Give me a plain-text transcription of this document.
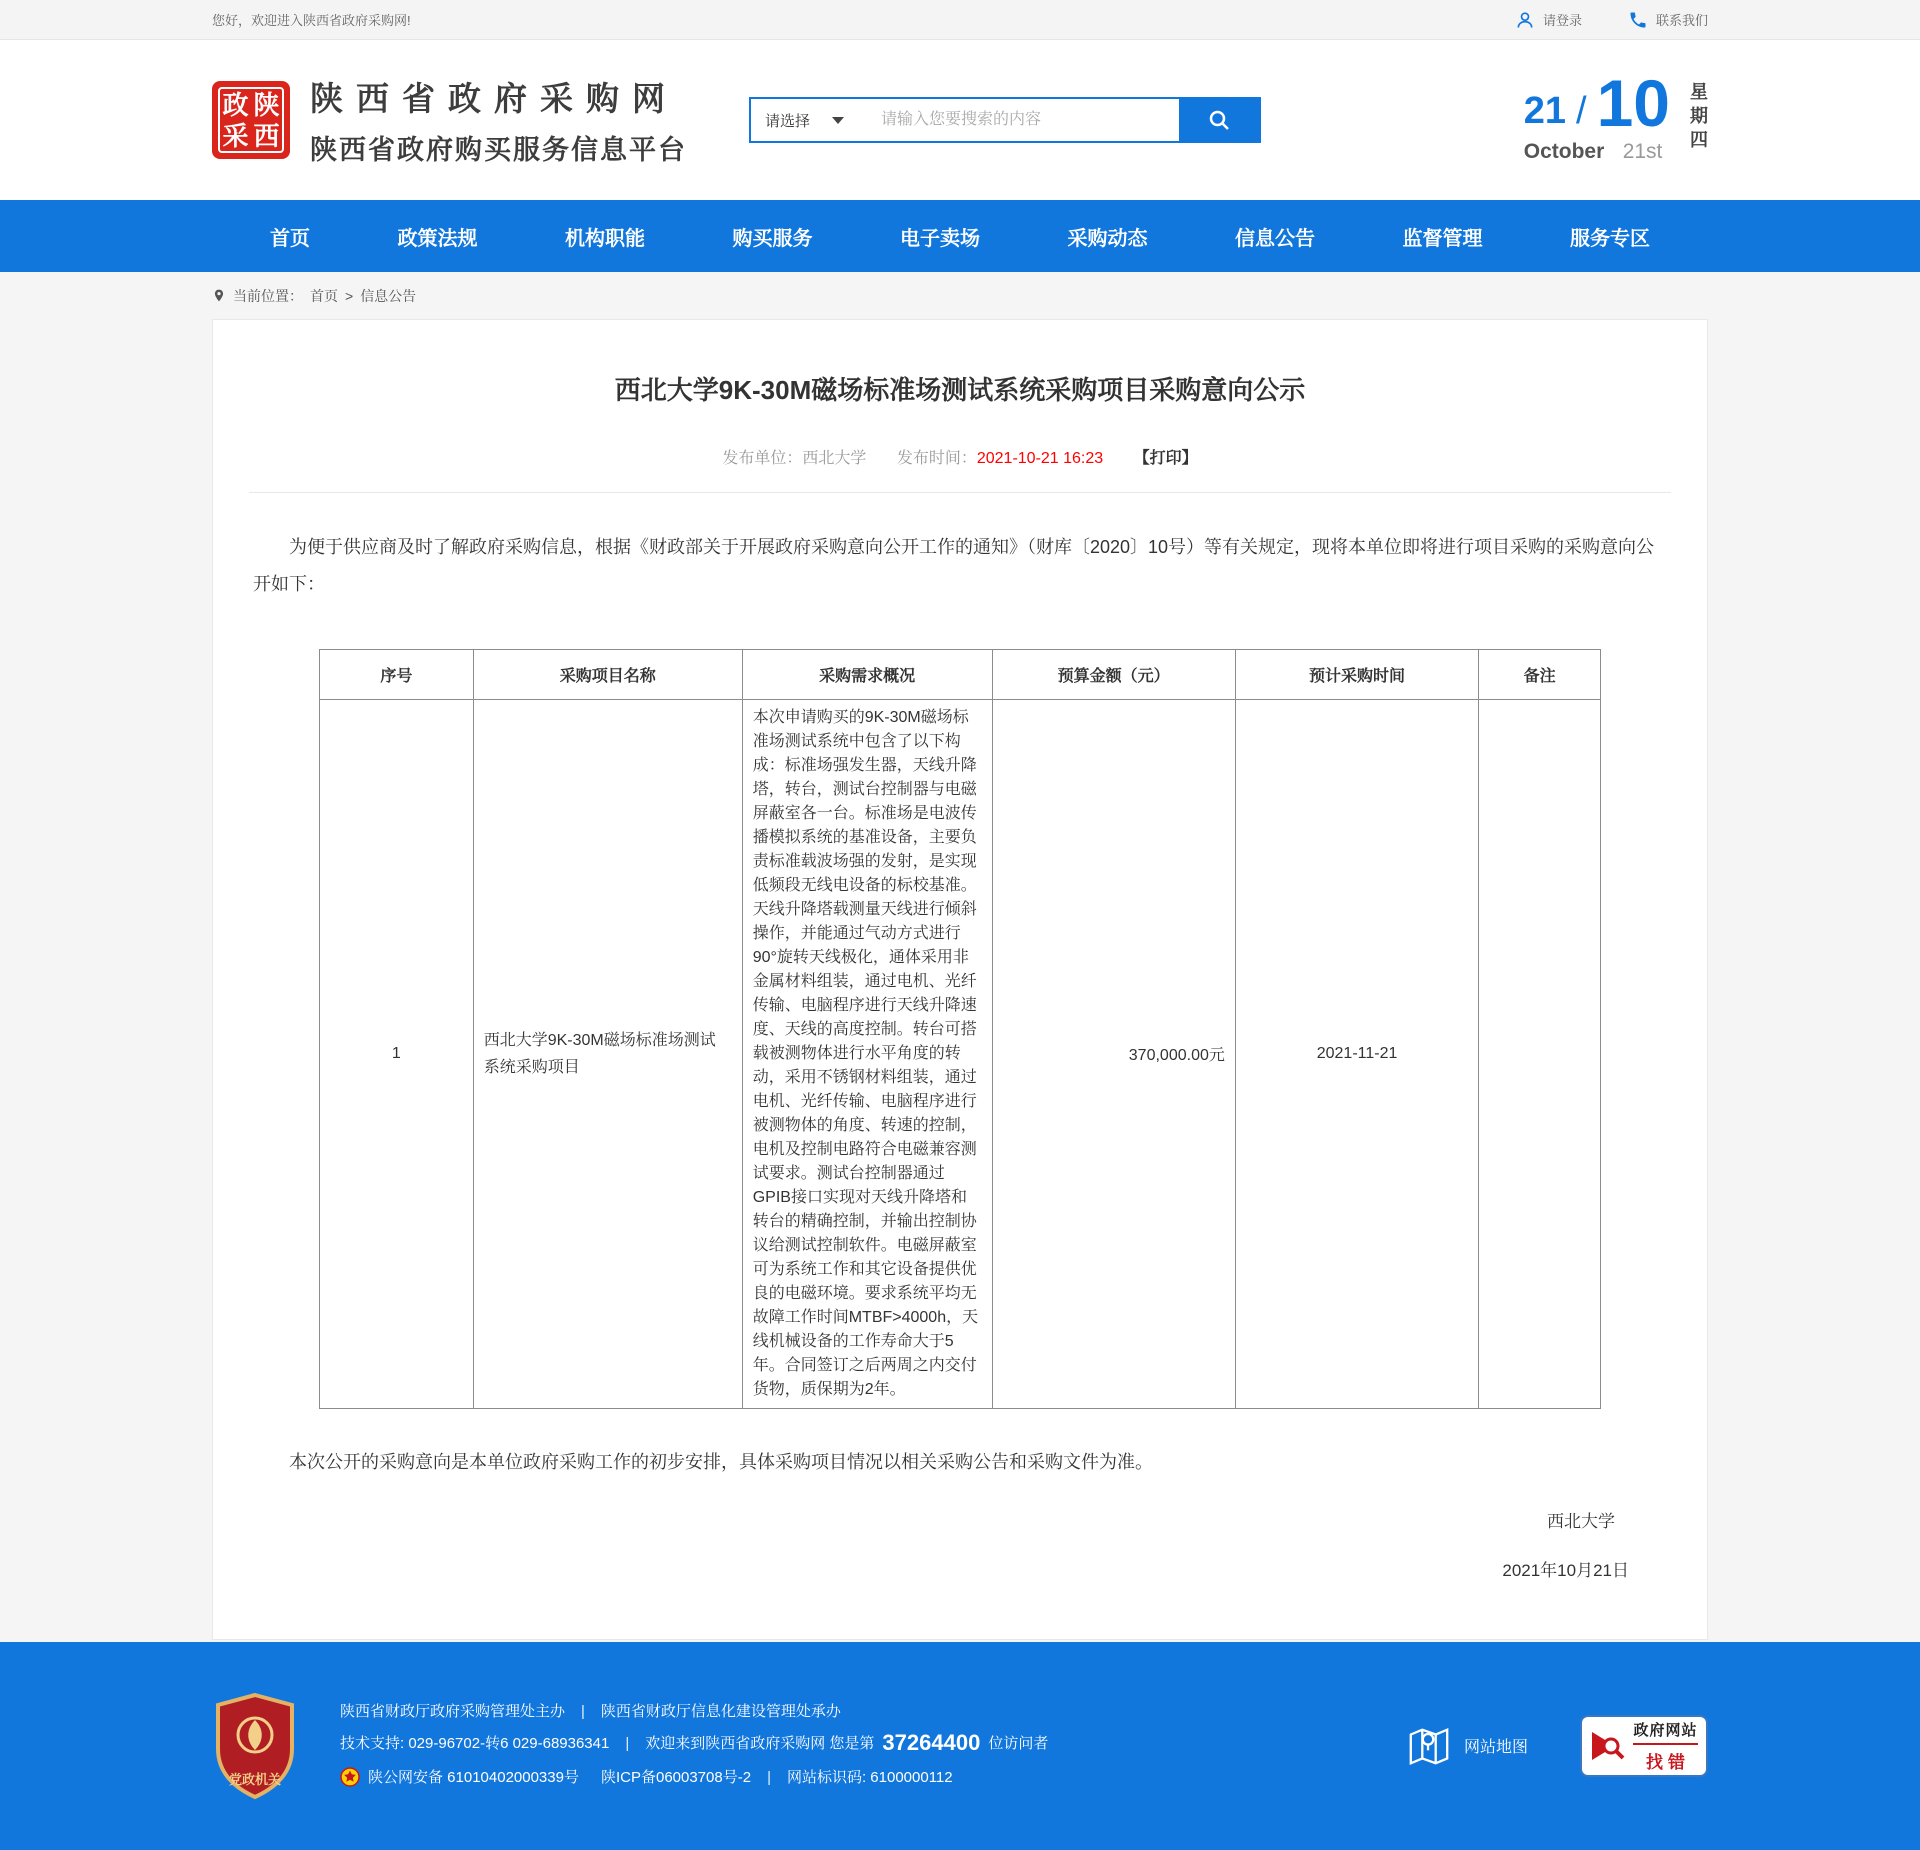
您好，欢迎进入陕西省政府采购网!	请登录	联系我们
政 陕
采 西
陕西省政府采购网
陕西省政府购买服务信息平台
请选择
请输入您要搜索的内容	21 / 10
October 21st
星
期
四
首页	政策法规	机构职能	购买服务	电子卖场	采购动态	信息公告	监督管理	服务专区
当前位置： 首页 > 信息公告
西北大学9K-30M磁场标准场测试系统采购项目采购意向公示
发布单位：西北大学 发布时间：2021-10-21 16:23 【打印】

为便于供应商及时了解政府采购信息，根据《财政部关于开展政府采购意向公开工作的通知》（财库〔2020〕10号）等有关规定，现将本单位即将进行项目采购的采购意向公开如下：

序号	采购项目名称	采购需求概况	预算金额（元）	预计采购时间	备注
1	西北大学9K-30M磁场标准场测试系统采购项目	本次申请购买的9K-30M磁场标准场测试系统中包含了以下构成：标准场强发生器，天线升降塔，转台，测试台控制器与电磁屏蔽室各一台。标准场是电波传播模拟系统的基准设备，主要负责标准载波场强的发射，是实现低频段无线电设备的标校基准。天线升降塔载测量天线进行倾斜操作，并能通过气动方式进行90°旋转天线极化，通体采用非金属材料组装，通过电机、光纤传输、电脑程序进行天线升降速度、天线的高度控制。转台可搭载被测物体进行水平角度的转动，采用不锈钢材料组装，通过电机、光纤传输、电脑程序进行被测物体的角度、转速的控制，电机及控制电路符合电磁兼容测试要求。测试台控制器通过GPIB接口实现对天线升降塔和转台的精确控制，并输出控制协议给测试控制软件。电磁屏蔽室可为系统工作和其它设备提供优良的电磁环境。要求系统平均无故障工作时间MTBF>4000h，天线机械设备的工作寿命大于5年。合同签订之后两周之内交付货物，质保期为2年。	370,000.00元	2021-11-21	

本次公开的采购意向是本单位政府采购工作的初步安排，具体采购项目情况以相关采购公告和采购文件为准。

西北大学
2021年10月21日
党政机关
陕西省财政厅政府采购管理处主办 | 陕西省财政厅信息化建设管理处承办
技术支持: 029-96702-转6 029-68936341 | 欢迎来到陕西省政府采购网 您是第 37264400 位访问者
陕公网安备 61010402000339号 陕ICP备06003708号-2 | 网站标识码: 6100000112
网站地图
政府网站
找错
